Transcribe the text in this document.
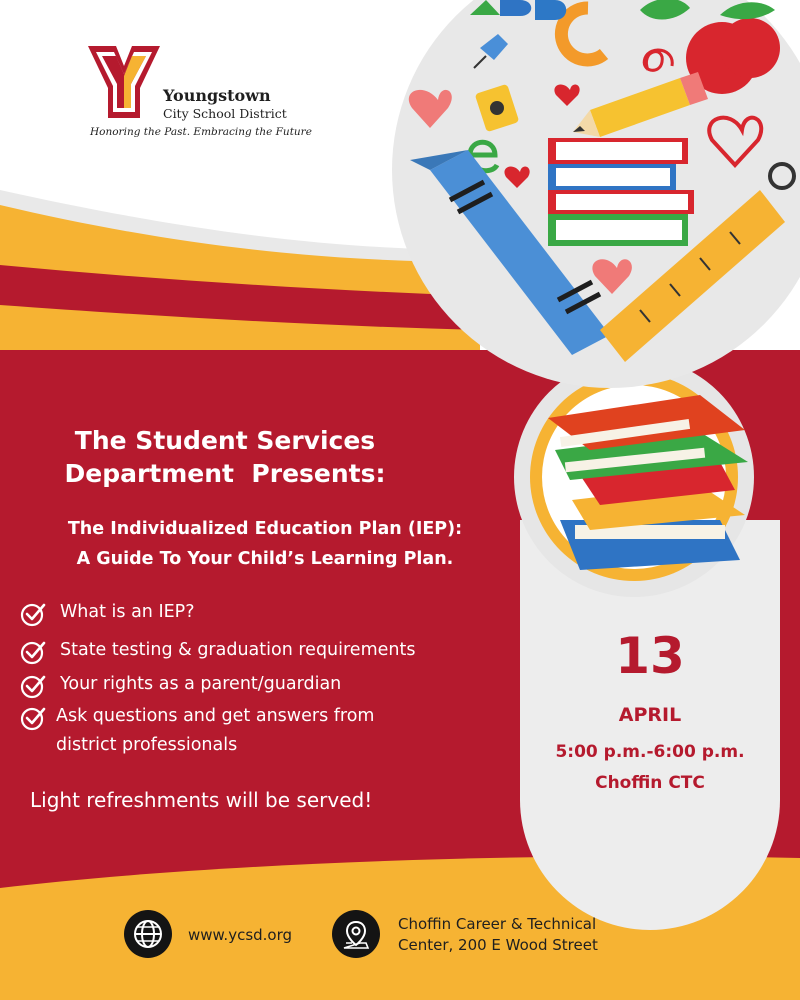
Youngstown
City School District
Honoring the Past. Embracing the Future
The Student Services
Department  Presents:
The Individualized Education Plan (IEP):
A Guide To Your Child’s Learning Plan.
What is an IEP?
State testing & graduation requirements
Your rights as a parent/guardian
Ask questions and get answers from
district professionals
Light refreshments will be served!
13
APRIL
5:00 p.m.-6:00 p.m.
Choffin CTC
www.ycsd.org
Choffin Career & Technical
Center, 200 E Wood Street
